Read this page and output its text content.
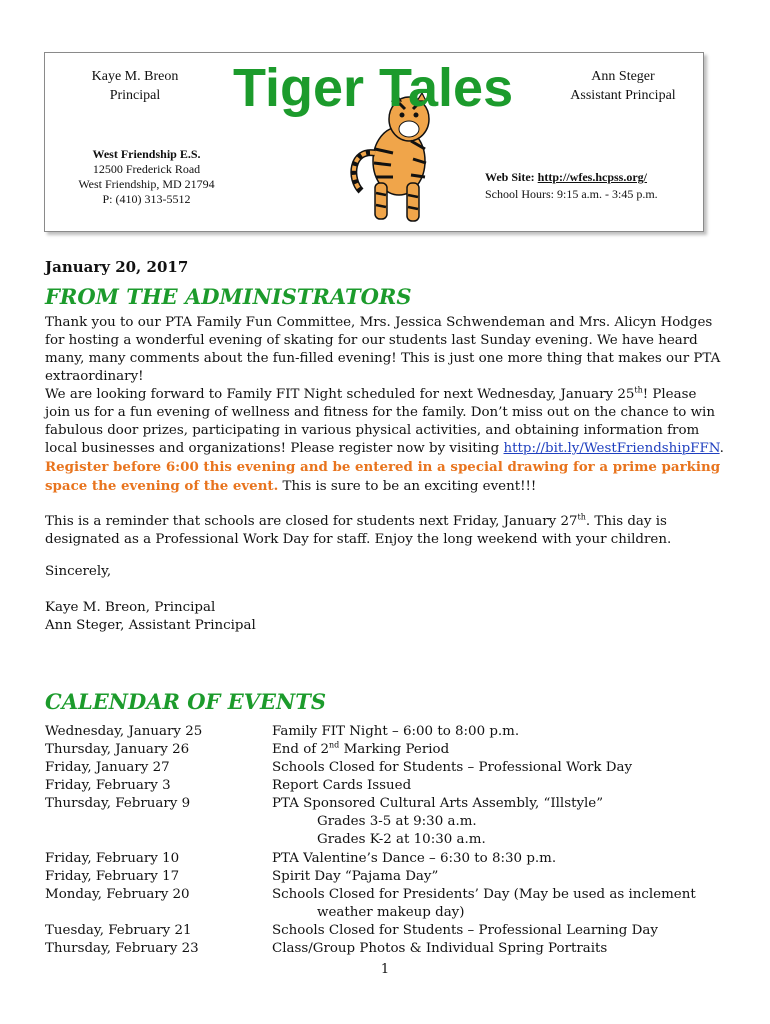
Kaye M. Breon
Principal	Tiger Tales	Ann Steger
Assistant Principal
West Friendship E.S.
12500 Frederick Road
West Friendship, MD 21794
P: (410) 313-5512
Web Site: http://wfes.hcpss.org/
School Hours: 9:15 a.m. - 3:45 p.m.
January 20, 2017
FROM THE ADMINISTRATORS
Thank you to our PTA Family Fun Committee, Mrs. Jessica Schwendeman and Mrs. Alicyn Hodges for hosting a wonderful evening of skating for our students last Sunday evening. We have heard many, many comments about the fun-filled evening! This is just one more thing that makes our PTA extraordinary!
We are looking forward to Family FIT Night scheduled for next Wednesday, January 25th! Please join us for a fun evening of wellness and fitness for the family. Don’t miss out on the chance to win fabulous door prizes, participating in various physical activities, and obtaining information from local businesses and organizations! Please register now by visiting http://bit.ly/WestFriendshipFFN. Register before 6:00 this evening and be entered in a special drawing for a prime parking space the evening of the event. This is sure to be an exciting event!!!
This is a reminder that schools are closed for students next Friday, January 27th. This day is designated as a Professional Work Day for staff. Enjoy the long weekend with your children.
Sincerely,
Kaye M. Breon, Principal
Ann Steger, Assistant Principal
CALENDAR OF EVENTS
Wednesday, January 25	Family FIT Night – 6:00 to 8:00 p.m.
Thursday, January 26	End of 2nd Marking Period
Friday, January 27	Schools Closed for Students – Professional Work Day
Friday, February 3	Report Cards Issued
Thursday, February 9	PTA Sponsored Cultural Arts Assembly, “Illstyle”
Grades 3-5 at 9:30 a.m.
Grades K-2 at 10:30 a.m.
Friday, February 10	PTA Valentine’s Dance – 6:30 to 8:30 p.m.
Friday, February 17	Spirit Day “Pajama Day”
Monday, February 20	Schools Closed for Presidents’ Day (May be used as inclement
weather makeup day)
Tuesday, February 21	Schools Closed for Students – Professional Learning Day
Thursday, February 23	Class/Group Photos & Individual Spring Portraits
1
